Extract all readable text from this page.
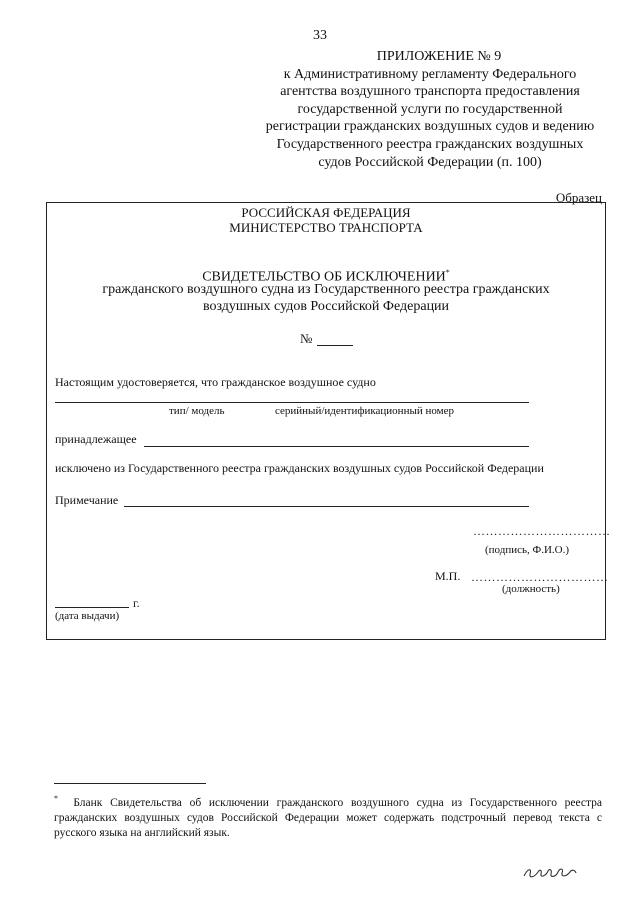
33
ПРИЛОЖЕНИЕ № 9
к Административному регламенту Федерального
агентства воздушного транспорта предоставления
государственной услуги по государственной
регистрации гражданских воздушных судов и ведению
Государственного реестра гражданских воздушных
судов Российской Федерации (п. 100)
Образец
РОССИЙСКАЯ ФЕДЕРАЦИЯ
МИНИСТЕРСТВО ТРАНСПОРТА
СВИДЕТЕЛЬСТВО ОБ ИСКЛЮЧЕНИИ*
гражданского воздушного судна из Государственного реестра гражданских
воздушных судов Российской Федерации
№
Настоящим удостоверяется, что гражданское воздушное судно
тип/ модель	серийный/идентификационный номер
принадлежащее
исключено из Государственного реестра гражданских воздушных судов Российской Федерации
Примечание
……………………………
(подпись, Ф.И.О.)
М.П. ……………………………
(должность)
г.
(дата выдачи)
* Бланк Свидетельства об исключении гражданского воздушного судна из Государственного реестра гражданских воздушных судов Российской Федерации может содержать подстрочный перевод текста с русского языка на английский язык.
